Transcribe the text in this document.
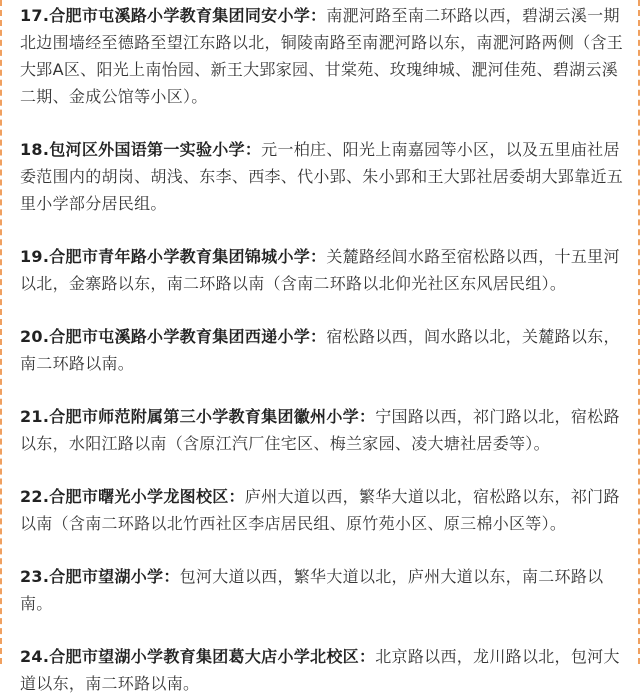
17.合肥市屯溪路小学教育集团同安小学：南淝河路至南二环路以西，碧湖云溪一期北边围墙经至德路至望江东路以北，铜陵南路至南淝河路以东，南淝河路两侧（含王大郢A区、阳光上南怡园、新王大郢家园、甘棠苑、玫瑰绅城、淝河佳苑、碧湖云溪二期、金成公馆等小区）。

18.包河区外国语第一实验小学：元一柏庄、阳光上南嘉园等小区，以及五里庙社居委范围内的胡岗、胡浅、东李、西李、代小郢、朱小郢和王大郢社居委胡大郢靠近五里小学部分居民组。

19.合肥市青年路小学教育集团锦城小学：关麓路经闾水路至宿松路以西，十五里河以北，金寨路以东，南二环路以南（含南二环路以北仰光社区东风居民组）。

20.合肥市屯溪路小学教育集团西递小学：宿松路以西，闾水路以北，关麓路以东，南二环路以南。

21.合肥市师范附属第三小学教育集团徽州小学：宁国路以西，祁门路以北，宿松路以东，水阳江路以南（含原江汽厂住宅区、梅兰家园、凌大塘社居委等）。

22.合肥市曙光小学龙图校区：庐州大道以西，繁华大道以北，宿松路以东，祁门路以南（含南二环路以北竹西社区李店居民组、原竹苑小区、原三棉小区等）。

23.合肥市望湖小学：包河大道以西，繁华大道以北，庐州大道以东，南二环路以南。

24.合肥市望湖小学教育集团葛大店小学北校区：北京路以西，龙川路以北，包河大道以东，南二环路以南。
